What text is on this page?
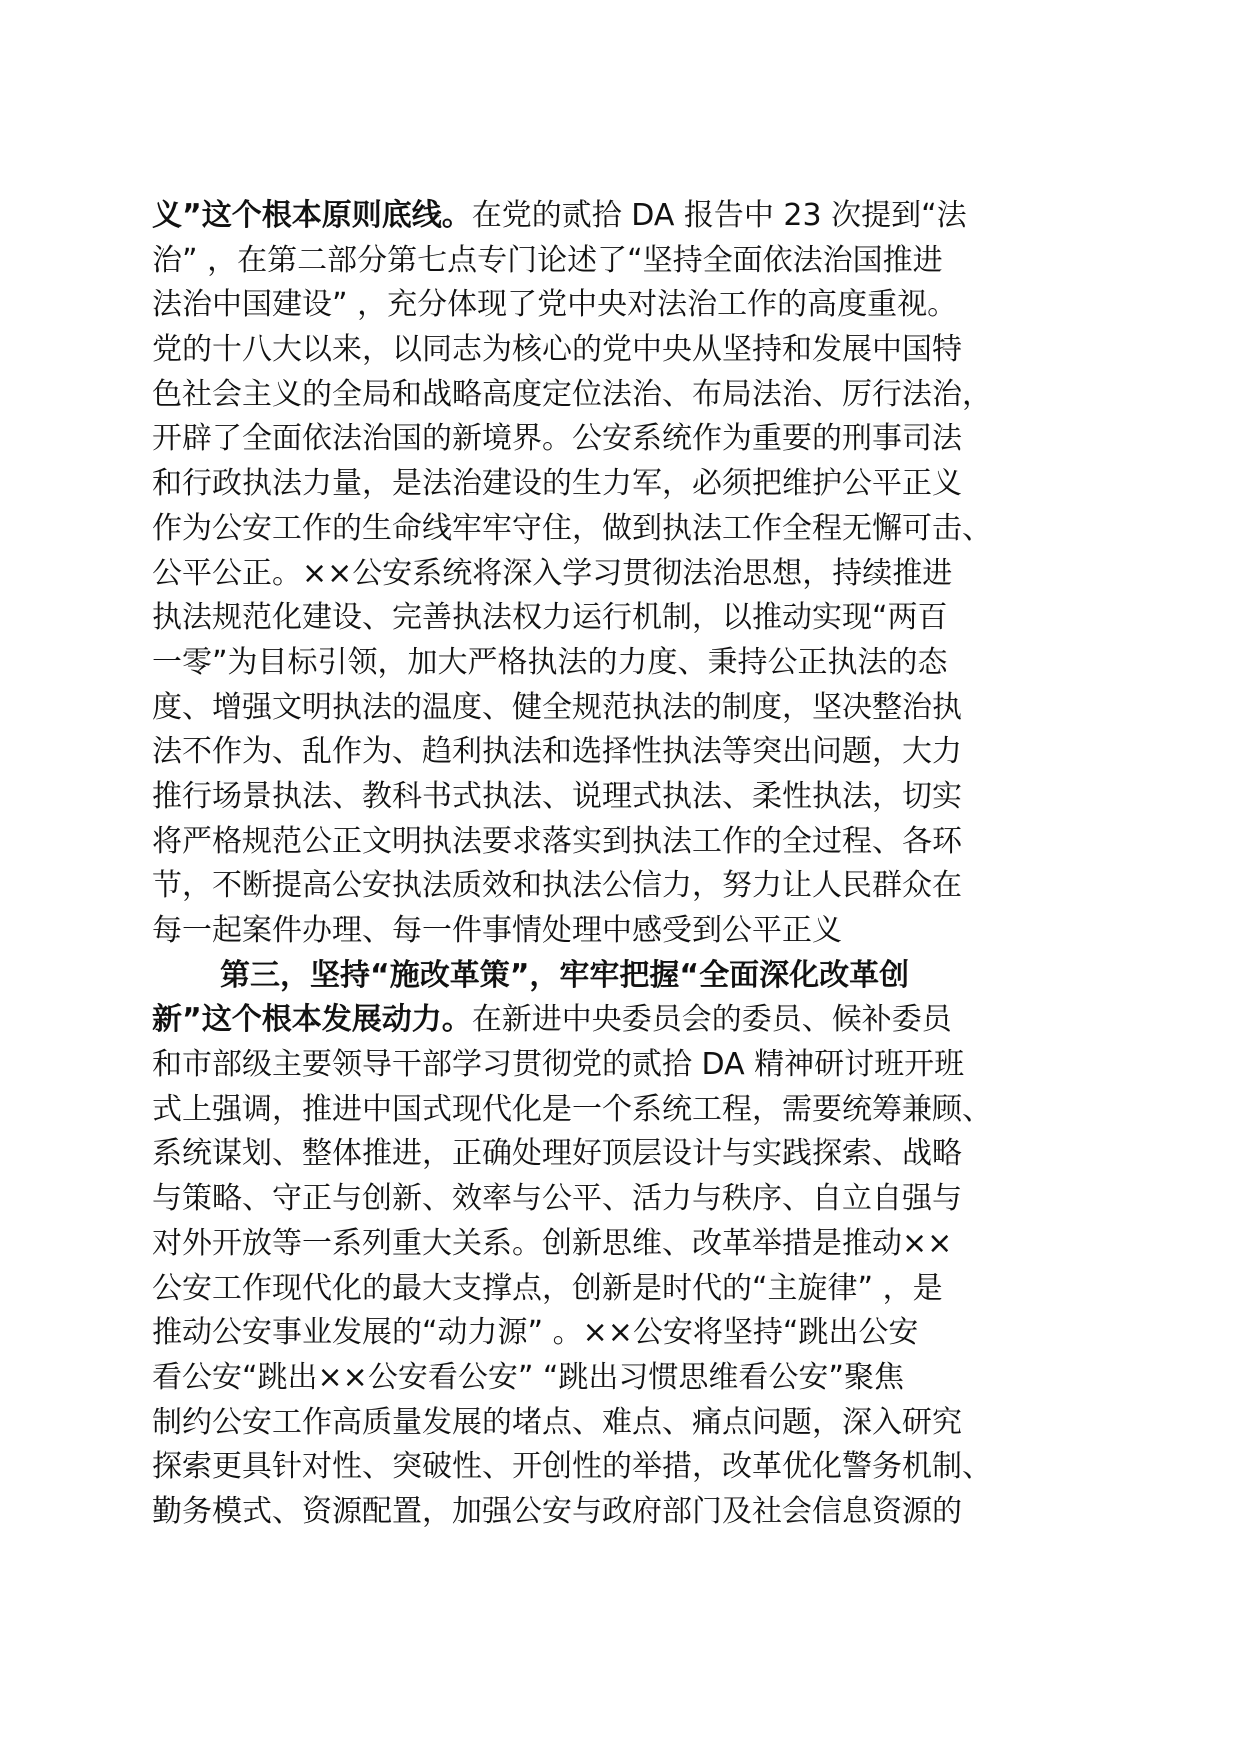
义”这个根本原则底线。在党的贰拾 DA 报告中 23 次提到“法
治” ，在第二部分第七点专门论述了“坚持全面依法治国推进
法治中国建设” ，充分体现了党中央对法治工作的高度重视。
党的十八大以来，以同志为核心的党中央从坚持和发展中国特
色社会主义的全局和战略高度定位法治、布局法治、厉行法治，
开辟了全面依法治国的新境界。公安系统作为重要的刑事司法
和行政执法力量，是法治建设的生力军，必须把维护公平正义
作为公安工作的生命线牢牢守住，做到执法工作全程无懈可击、
公平公正。××公安系统将深入学习贯彻法治思想，持续推进
执法规范化建设、完善执法权力运行机制，以推动实现“两百
一零”为目标引领，加大严格执法的力度、秉持公正执法的态
度、增强文明执法的温度、健全规范执法的制度，坚决整治执
法不作为、乱作为、趋利执法和选择性执法等突出问题，大力
推行场景执法、教科书式执法、说理式执法、柔性执法，切实
将严格规范公正文明执法要求落实到执法工作的全过程、各环
节，不断提高公安执法质效和执法公信力，努力让人民群众在
每一起案件办理、每一件事情处理中感受到公平正义
第三，坚持“施改革策”，牢牢把握“全面深化改革创
新”这个根本发展动力。在新进中央委员会的委员、候补委员
和市部级主要领导干部学习贯彻党的贰拾 DA 精神研讨班开班
式上强调，推进中国式现代化是一个系统工程，需要统筹兼顾、
系统谋划、整体推进，正确处理好顶层设计与实践探索、战略
与策略、守正与创新、效率与公平、活力与秩序、自立自强与
对外开放等一系列重大关系。创新思维、改革举措是推动××
公安工作现代化的最大支撑点，创新是时代的“主旋律” ，是
推动公安事业发展的“动力源” 。××公安将坚持“跳出公安
看公安“跳出××公安看公安” “跳出习惯思维看公安”聚焦
制约公安工作高质量发展的堵点、难点、痛点问题，深入研究
探索更具针对性、突破性、开创性的举措，改革优化警务机制、
勤务模式、资源配置，加强公安与政府部门及社会信息资源的
